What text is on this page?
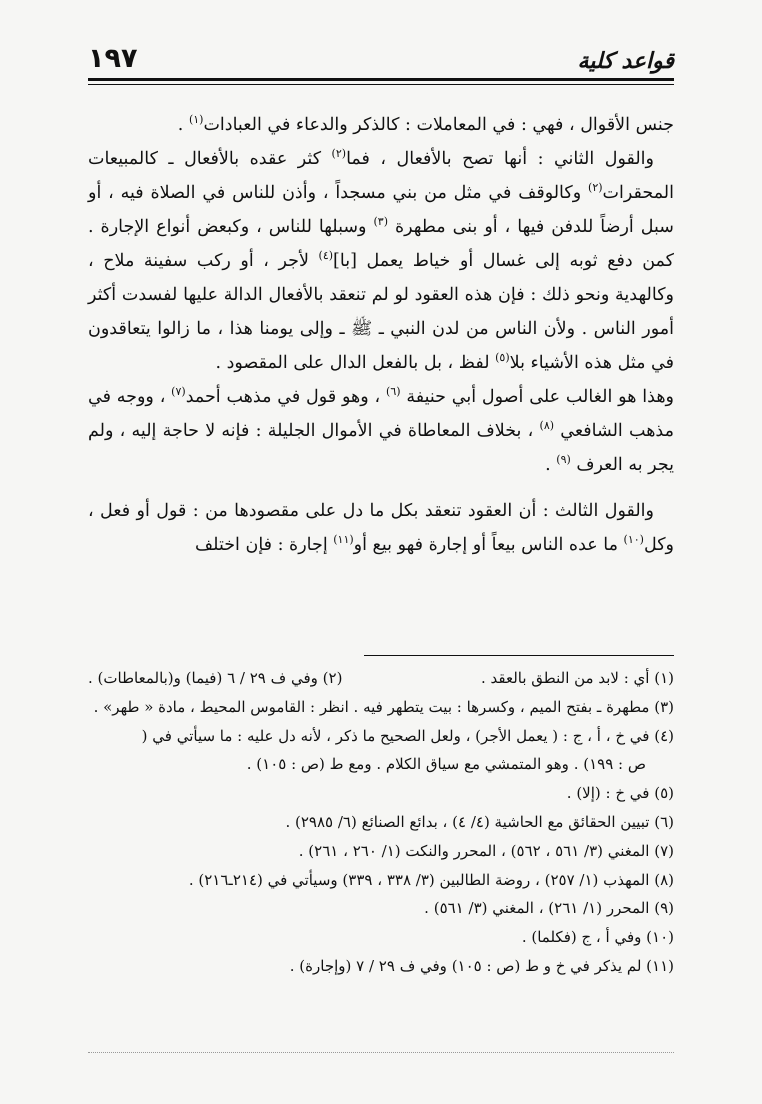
١٩٧	قواعد كلية

جنس الأقوال ، فهي : في المعاملات : كالذكر والدعاء في العبادات$^{(١)}$ .

والقول الثاني : أنها تصح بالأفعال ، فما$^{(٢)}$ كثر عقده بالأفعال ـ كالمبيعات المحقرات$^{(٢)}$ وكالوقف في مثل من بني مسجداً ، وأذن للناس في الصلاة فيه ، أو سبل أرضاً للدفن فيها ، أو بنى مطهرة $^{(٣)}$ وسبلها للناس ، وكبعض أنواع الإجارة . كمن دفع ثوبه إلى غسال أو خياط يعمل [با]$^{(٤)}$ لأجر ، أو ركب سفينة ملاح ، وكالهدية ونحو ذلك : فإن هذه العقود لو لم تنعقد بالأفعال الدالة عليها لفسدت أكثر أمور الناس . ولأن الناس من لدن النبي ـ ﷺ ـ وإلى يومنا هذا ، ما زالوا يتعاقدون في مثل هذه الأشياء بلا$^{(٥)}$ لفظ ، بل بالفعل الدال على المقصود .

وهذا هو الغالب على أصول أبي حنيفة $^{(٦)}$ ، وهو قول في مذهب أحمد$^{(٧)}$ ، ووجه في مذهب الشافعي $^{(٨)}$ ، بخلاف المعاطاة في الأموال الجليلة : فإنه لا حاجة إليه ، ولم يجر به العرف $^{(٩)}$ .

والقول الثالث : أن العقود تنعقد بكل ما دل على مقصودها من : قول أو فعل ، وكل$^{(١٠)}$ ما عده الناس بيعاً أو إجارة فهو بيع أو$^{(١١)}$ إجارة : فإن اختلف

(١) أي : لابد من النطق بالعقد .
(٢) وفي ف ٢٩ / ٦ (فيما) و(بالمعاطات) .

(٣) مطهرة ـ بفتح الميم ، وكسرها : بيت يتطهر فيه . انظر : القاموس المحيط ، مادة « طهر» .

(٤) في خ ، أ ، ج : ( يعمل الأجر) ، ولعل الصحيح ما ذكر ، لأنه دل عليه : ما سيأتي في (

ص : ١٩٩) . وهو المتمشي مع سياق الكلام . ومع ط (ص : ١٠٥) .

(٥) في خ : (إلا) .

(٦) تبيين الحقائق مع الحاشية (٤/ ٤) ، بدائع الصنائع (٦/ ٢٩٨٥) .

(٧) المغني (٣/ ٥٦١ ، ٥٦٢) ، المحرر والنكت (١/ ٢٦٠ ، ٢٦١) .

(٨) المهذب (١/ ٢٥٧) ، روضة الطالبين (٣/ ٣٣٨ ، ٣٣٩) وسيأتي في (٢١٤ـ٢١٦) .

(٩) المحرر (١/ ٢٦١) ، المغني (٣/ ٥٦١) .

(١٠) وفي أ ، ج (فكلما) .

(١١) لم يذكر في خ و ط (ص : ١٠٥) وفي ف ٢٩ / ٧ (وإجارة) .
